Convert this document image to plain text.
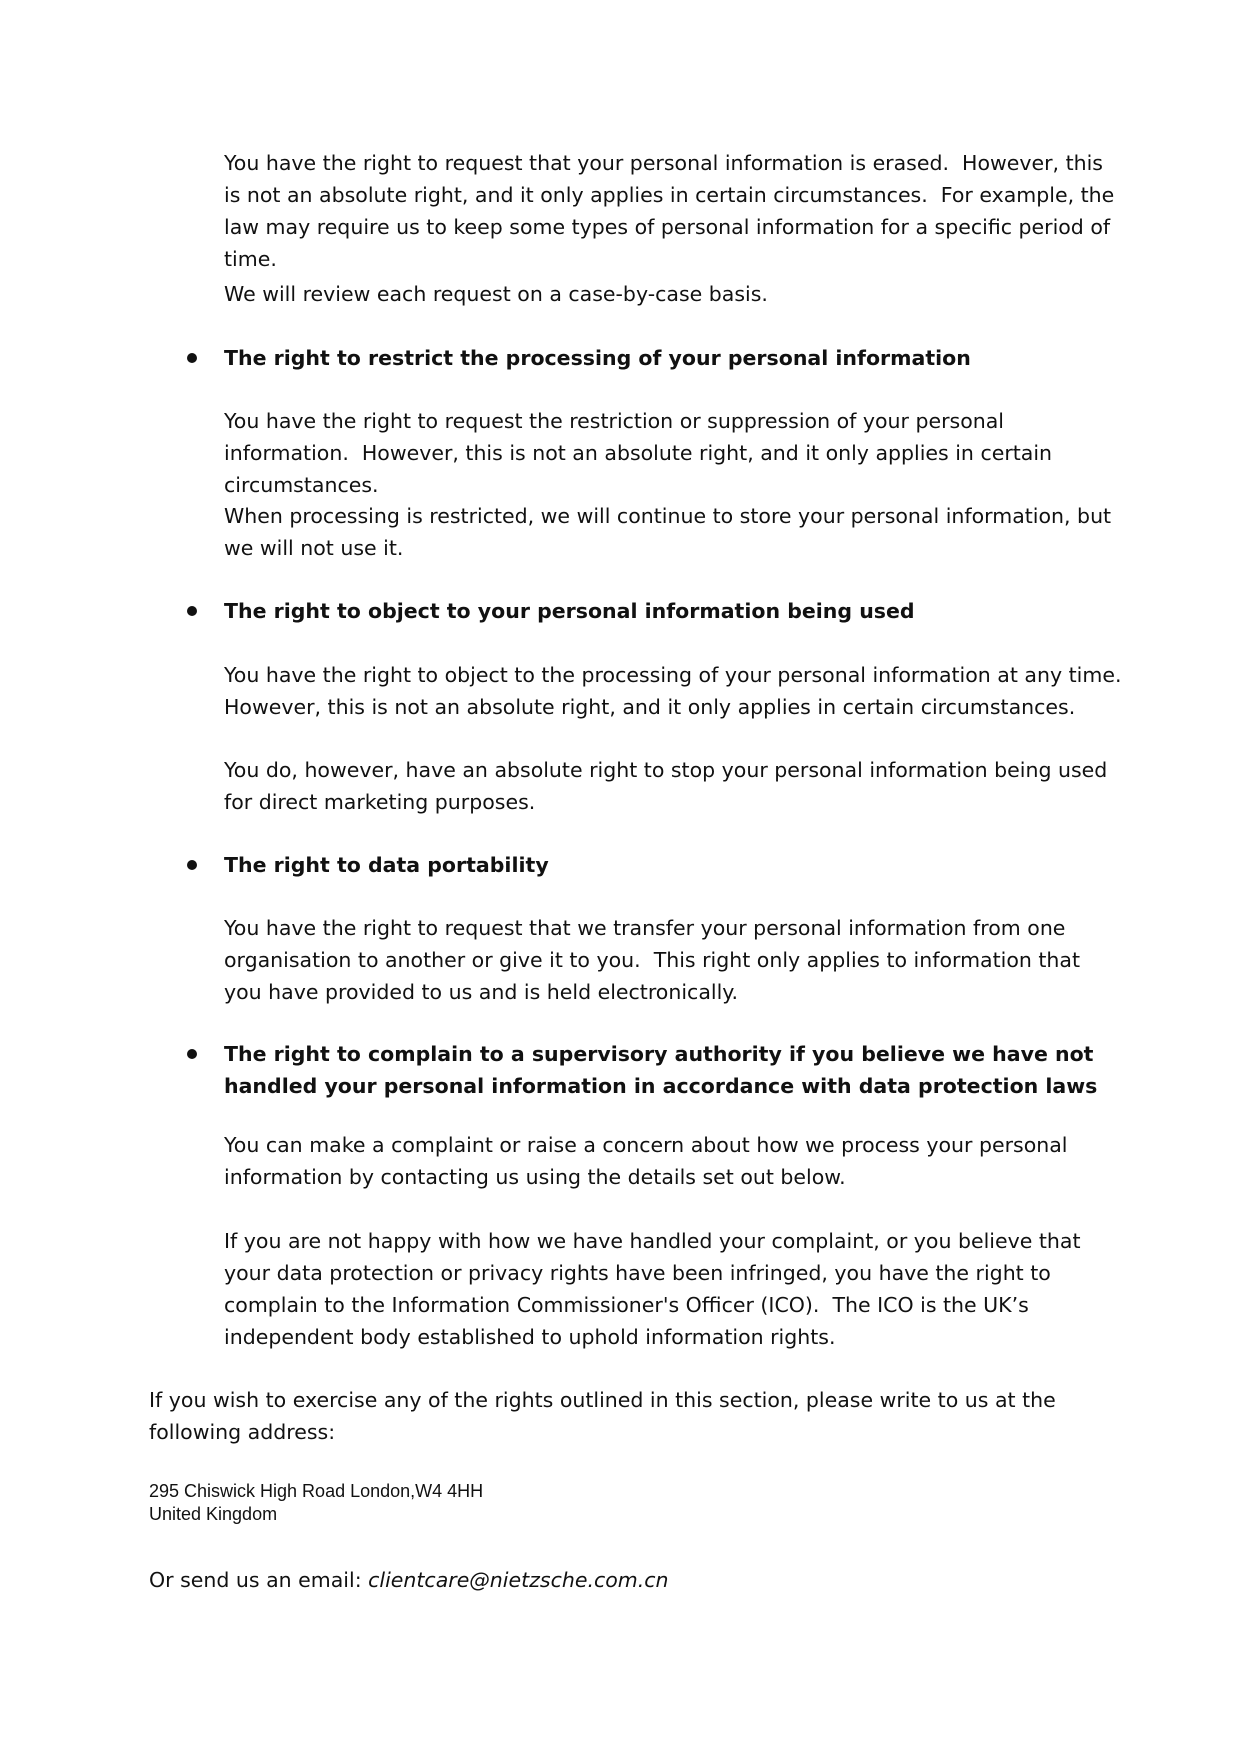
You have the right to request that your personal information is erased.  However, this is not an absolute right, and it only applies in certain circumstances.  For example, the law may require us to keep some types of personal information for a specific period of time.

We will review each request on a case-by-case basis.

The right to restrict the processing of your personal information

You have the right to request the restriction or suppression of your personal information.  However, this is not an absolute right, and it only applies in certain circumstances.

When processing is restricted, we will continue to store your personal information, but we will not use it.

The right to object to your personal information being used

You have the right to object to the processing of your personal information at any time.  However, this is not an absolute right, and it only applies in certain circumstances.

You do, however, have an absolute right to stop your personal information being used for direct marketing purposes.

The right to data portability

You have the right to request that we transfer your personal information from one organisation to another or give it to you.  This right only applies to information that you have provided to us and is held electronically.

The right to complain to a supervisory authority if you believe we have not handled your personal information in accordance with data protection laws

You can make a complaint or raise a concern about how we process your personal information by contacting us using the details set out below.

If you are not happy with how we have handled your complaint, or you believe that your data protection or privacy rights have been infringed, you have the right to complain to the Information Commissioner's Officer (ICO).  The ICO is the UK’s independent body established to uphold information rights.

If you wish to exercise any of the rights outlined in this section, please write to us at the following address:

295 Chiswick High Road London,W4 4HH

United Kingdom

Or send us an email: clientcare@nietzsche.com.cn
